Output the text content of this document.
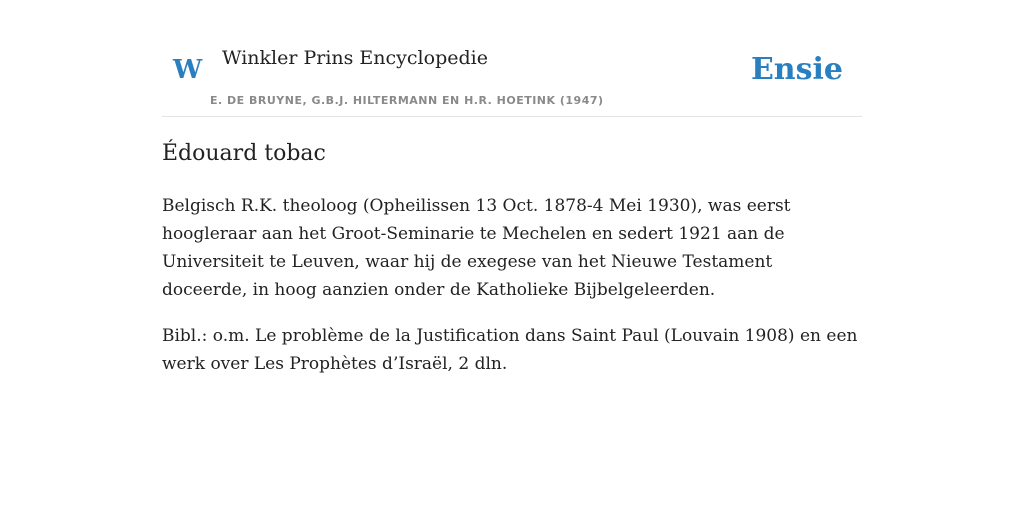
W Winkler Prins Encyclopedie
E. DE BRUYNE, G.B.J. HILTERMANN EN H.R. HOETINK (1947)
Ensie
Édouard tobac

Belgisch R.K. theoloog (Opheilissen 13 Oct. 1878-4 Mei 1930), was eerst hoogleraar aan het Groot-Seminarie te Mechelen en sedert 1921 aan de Universiteit te Leuven, waar hij de exegese van het Nieuwe Testament doceerde, in hoog aanzien onder de Katholieke Bijbelgeleerden.

Bibl.: o.m. Le problème de la Justification dans Saint Paul (Louvain 1908) en een werk over Les Prophètes d’Israël, 2 dln.
